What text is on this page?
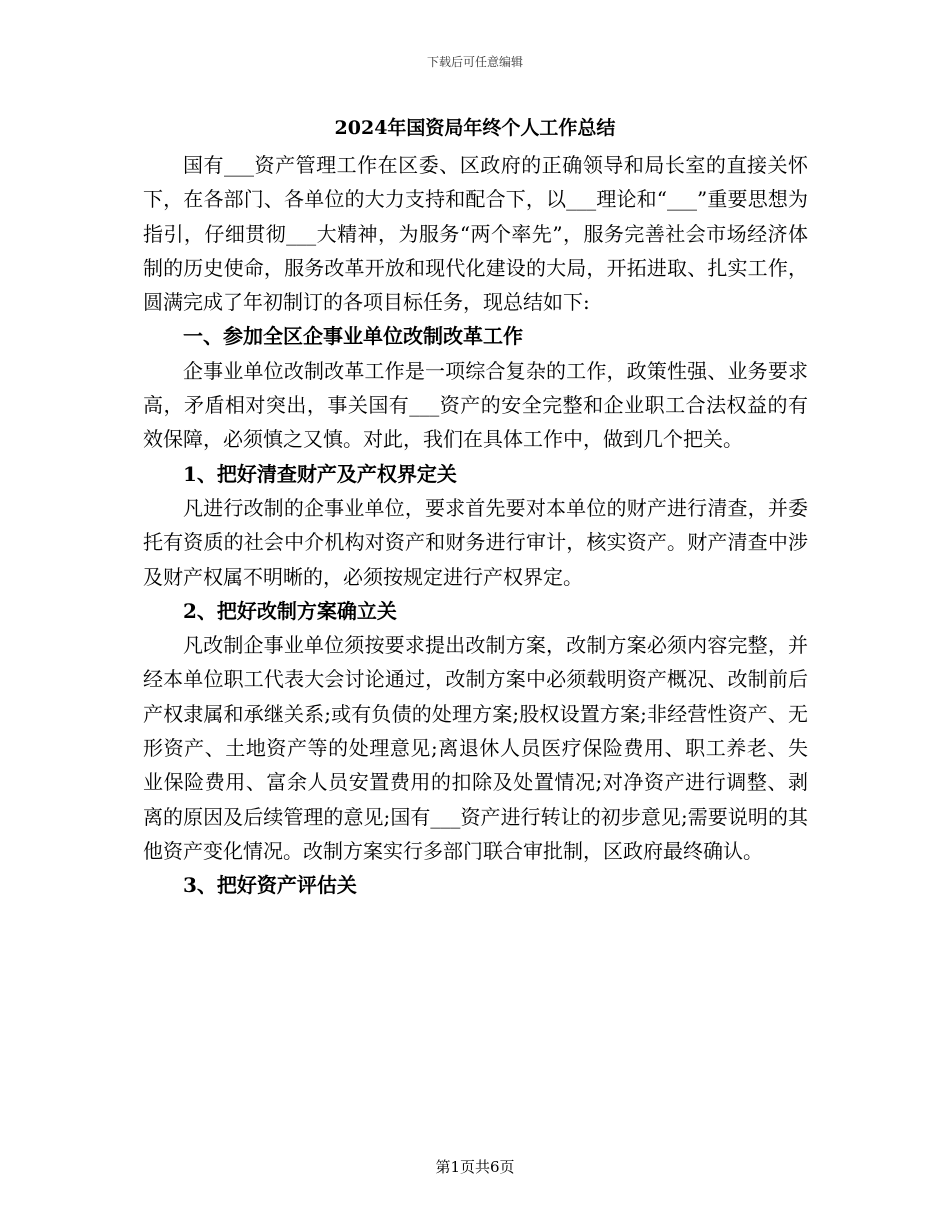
下载后可任意编辑
2024年国资局年终个人工作总结

国有___资产管理工作在区委、区政府的正确领导和局长室的直接关怀下，在各部门、各单位的大力支持和配合下，以___理论和“___”重要思想为指引，仔细贯彻___大精神，为服务“两个率先”，服务完善社会市场经济体制的历史使命，服务改革开放和现代化建设的大局，开拓进取、扎实工作，圆满完成了年初制订的各项目标任务，现总结如下:

一、参加全区企事业单位改制改革工作

企事业单位改制改革工作是一项综合复杂的工作，政策性强、业务要求高，矛盾相对突出，事关国有___资产的安全完整和企业职工合法权益的有效保障，必须慎之又慎。对此，我们在具体工作中，做到几个把关。

1、把好清查财产及产权界定关

凡进行改制的企事业单位，要求首先要对本单位的财产进行清查，并委托有资质的社会中介机构对资产和财务进行审计，核实资产。财产清查中涉及财产权属不明晰的，必须按规定进行产权界定。

2、把好改制方案确立关

凡改制企事业单位须按要求提出改制方案，改制方案必须内容完整，并经本单位职工代表大会讨论通过，改制方案中必须载明资产概况、改制前后产权隶属和承继关系;或有负债的处理方案;股权设置方案;非经营性资产、无形资产、土地资产等的处理意见;离退休人员医疗保险费用、职工养老、失业保险费用、富余人员安置费用的扣除及处置情况;对净资产进行调整、剥离的原因及后续管理的意见;国有___资产进行转让的初步意见;需要说明的其他资产变化情况。改制方案实行多部门联合审批制，区政府最终确认。

3、把好资产评估关

第1页共6页
